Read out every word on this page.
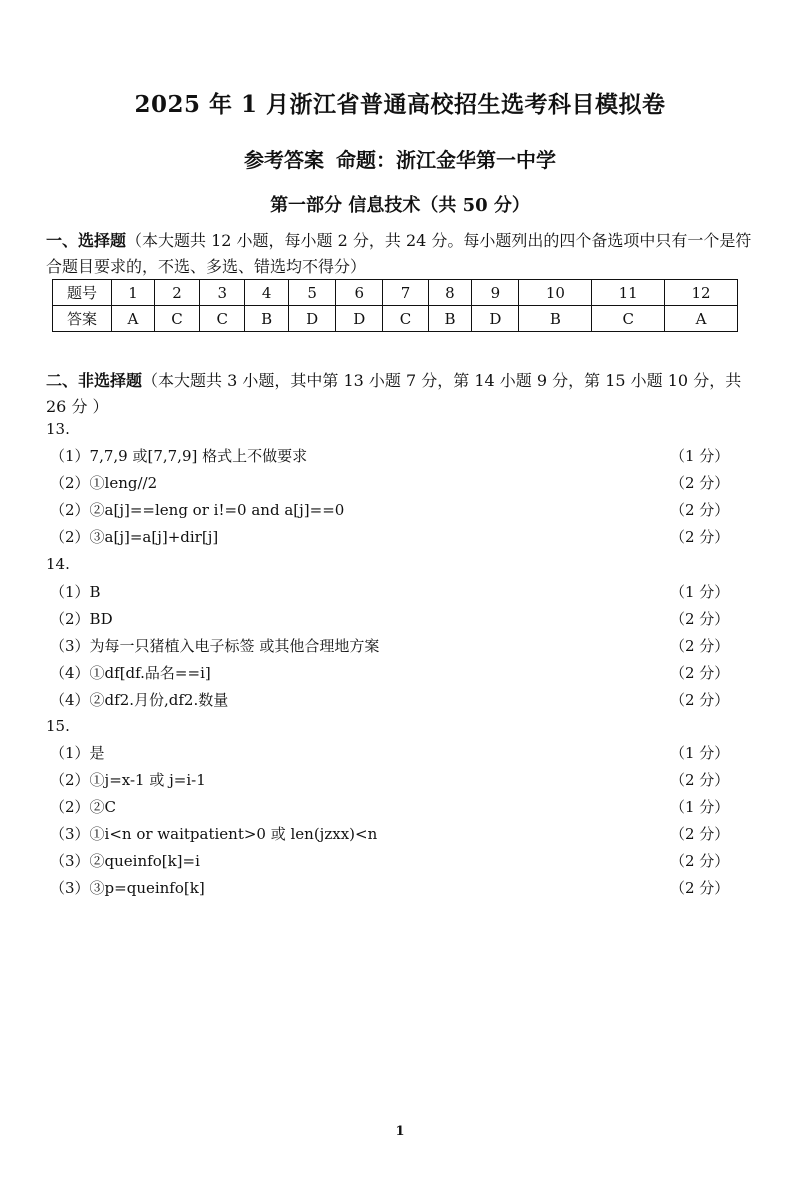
2025 年 1 月浙江省普通高校招生选考科目模拟卷
参考答案 命题：浙江金华第一中学
第一部分 信息技术（共 50 分）
一、选择题（本大题共 12 小题，每小题 2 分，共 24 分。每小题列出的四个备选项中只有一个是符合题目要求的，不选、多选、错选均不得分）
题号	1	2	3	4	5	6	7	8	9	10	11	12
答案	A	C	C	B	D	D	C	B	D	B	C	A
二、非选择题（本大题共 3 小题，其中第 13 小题 7 分，第 14 小题 9 分，第 15 小题 10 分，共 26 分 ）
13.
（1）7,7,9 或[7,7,9] 格式上不做要求	（1 分）
（2）①leng//2	（2 分）
（2）②a[j]==leng or i!=0 and a[j]==0	（2 分）
（2）③a[j]=a[j]+dir[j]	（2 分）
14.
（1）B	（1 分）
（2）BD	（2 分）
（3）为每一只猪植入电子标签 或其他合理地方案	（2 分）
（4）①df[df.品名==i]	（2 分）
（4）②df2.月份,df2.数量	（2 分）
15.
（1）是	（1 分）
（2）①j=x-1 或 j=i-1	（2 分）
（2）②C	（1 分）
（3）①i<n or waitpatient>0 或 len(jzxx)<n	（2 分）
（3）②queinfo[k]=i	（2 分）
（3）③p=queinfo[k]	（2 分）
1
